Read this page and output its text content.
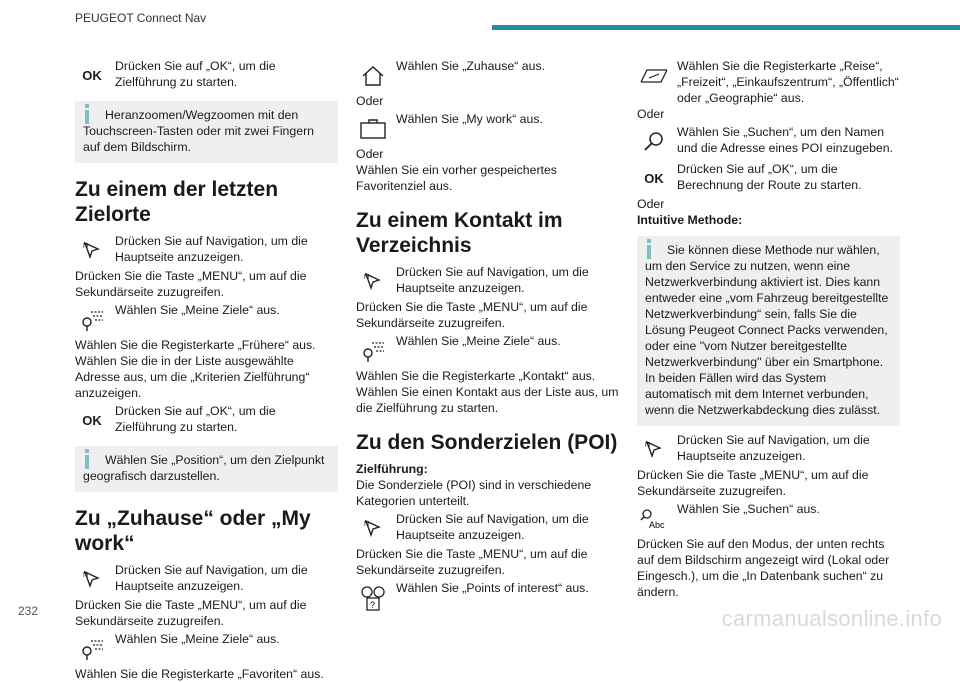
PEUGEOT Connect Nav
OK
Drücken Sie auf „OK“, um die Zielführung zu starten.
Heranzoomen/Wegzoomen mit den Touchscreen-Tasten oder mit zwei Fingern auf dem Bildschirm.
Zu einem der letzten Zielorte
N Drücken Sie auf Navigation, um die Hauptseite anzuzeigen.

Drücken Sie die Taste „MENU“, um auf die Sekundärseite zuzugreifen.

Wählen Sie „Meine Ziele“ aus.

Wählen Sie die Registerkarte „Frühere“ aus.

Wählen Sie die in der Liste ausgewählte Adresse aus, um die „Kriterien Zielführung“ anzuzeigen.

OK
Drücken Sie auf „OK“, um die Zielführung zu starten.
Wählen Sie „Position“, um den Zielpunkt geografisch darzustellen.
Zu „Zuhause“ oder „My work“
N Drücken Sie auf Navigation, um die Hauptseite anzuzeigen.

Drücken Sie die Taste „MENU“, um auf die Sekundärseite zuzugreifen.

Wählen Sie „Meine Ziele“ aus.

Wählen Sie die Registerkarte „Favoriten“ aus.

Wählen Sie „Zuhause“ aus.

Oder

Wählen Sie „My work“ aus.

Oder

Wählen Sie ein vorher gespeichertes Favoritenziel aus.

Zu einem Kontakt im Verzeichnis
N Drücken Sie auf Navigation, um die Hauptseite anzuzeigen.

Drücken Sie die Taste „MENU“, um auf die Sekundärseite zuzugreifen.

Wählen Sie „Meine Ziele“ aus.

Wählen Sie die Registerkarte „Kontakt“ aus.

Wählen Sie einen Kontakt aus der Liste aus, um die Zielführung zu starten.

Zu den Sonderzielen (POI)

Zielführung:

Die Sonderziele (POI) sind in verschiedene Kategorien unterteilt.

N Drücken Sie auf Navigation, um die Hauptseite anzuzeigen.

Drücken Sie die Taste „MENU“, um auf die Sekundärseite zuzugreifen.

?
Wählen Sie „Points of interest“ aus.
Wählen Sie die Registerkarte „Reise“, „Freizeit“, „Einkaufszentrum“, „Öffentlich“ oder „Geographie“ aus.

Oder

Wählen Sie „Suchen“, um den Namen und die Adresse eines POI einzugeben.
OK
Drücken Sie auf „OK“, um die Berechnung der Route zu starten.

Oder

Intuitive Methode:

Sie können diese Methode nur wählen, um den Service zu nutzen, wenn eine Netzwerkverbindung aktiviert ist. Dies kann entweder eine „vom Fahrzeug bereitgestellte Netzwerkverbindung“ sein, falls Sie die Lösung Peugeot Connect Packs verwenden, oder eine "vom Nutzer bereitgestellte Netzwerkverbindung" über ein Smartphone. In beiden Fällen wird das System automatisch mit dem Internet verbunden, wenn die Netzwerkabdeckung dies zulässt.
N Drücken Sie auf Navigation, um die Hauptseite anzuzeigen.

Drücken Sie die Taste „MENU“, um auf die Sekundärseite zuzugreifen.

Abc
Wählen Sie „Suchen“ aus.

Drücken Sie auf den Modus, der unten rechts auf dem Bildschirm angezeigt wird (Lokal oder Eingesch.), um die „In Datenbank suchen“ zu ändern.

232	carmanualsonline.info
